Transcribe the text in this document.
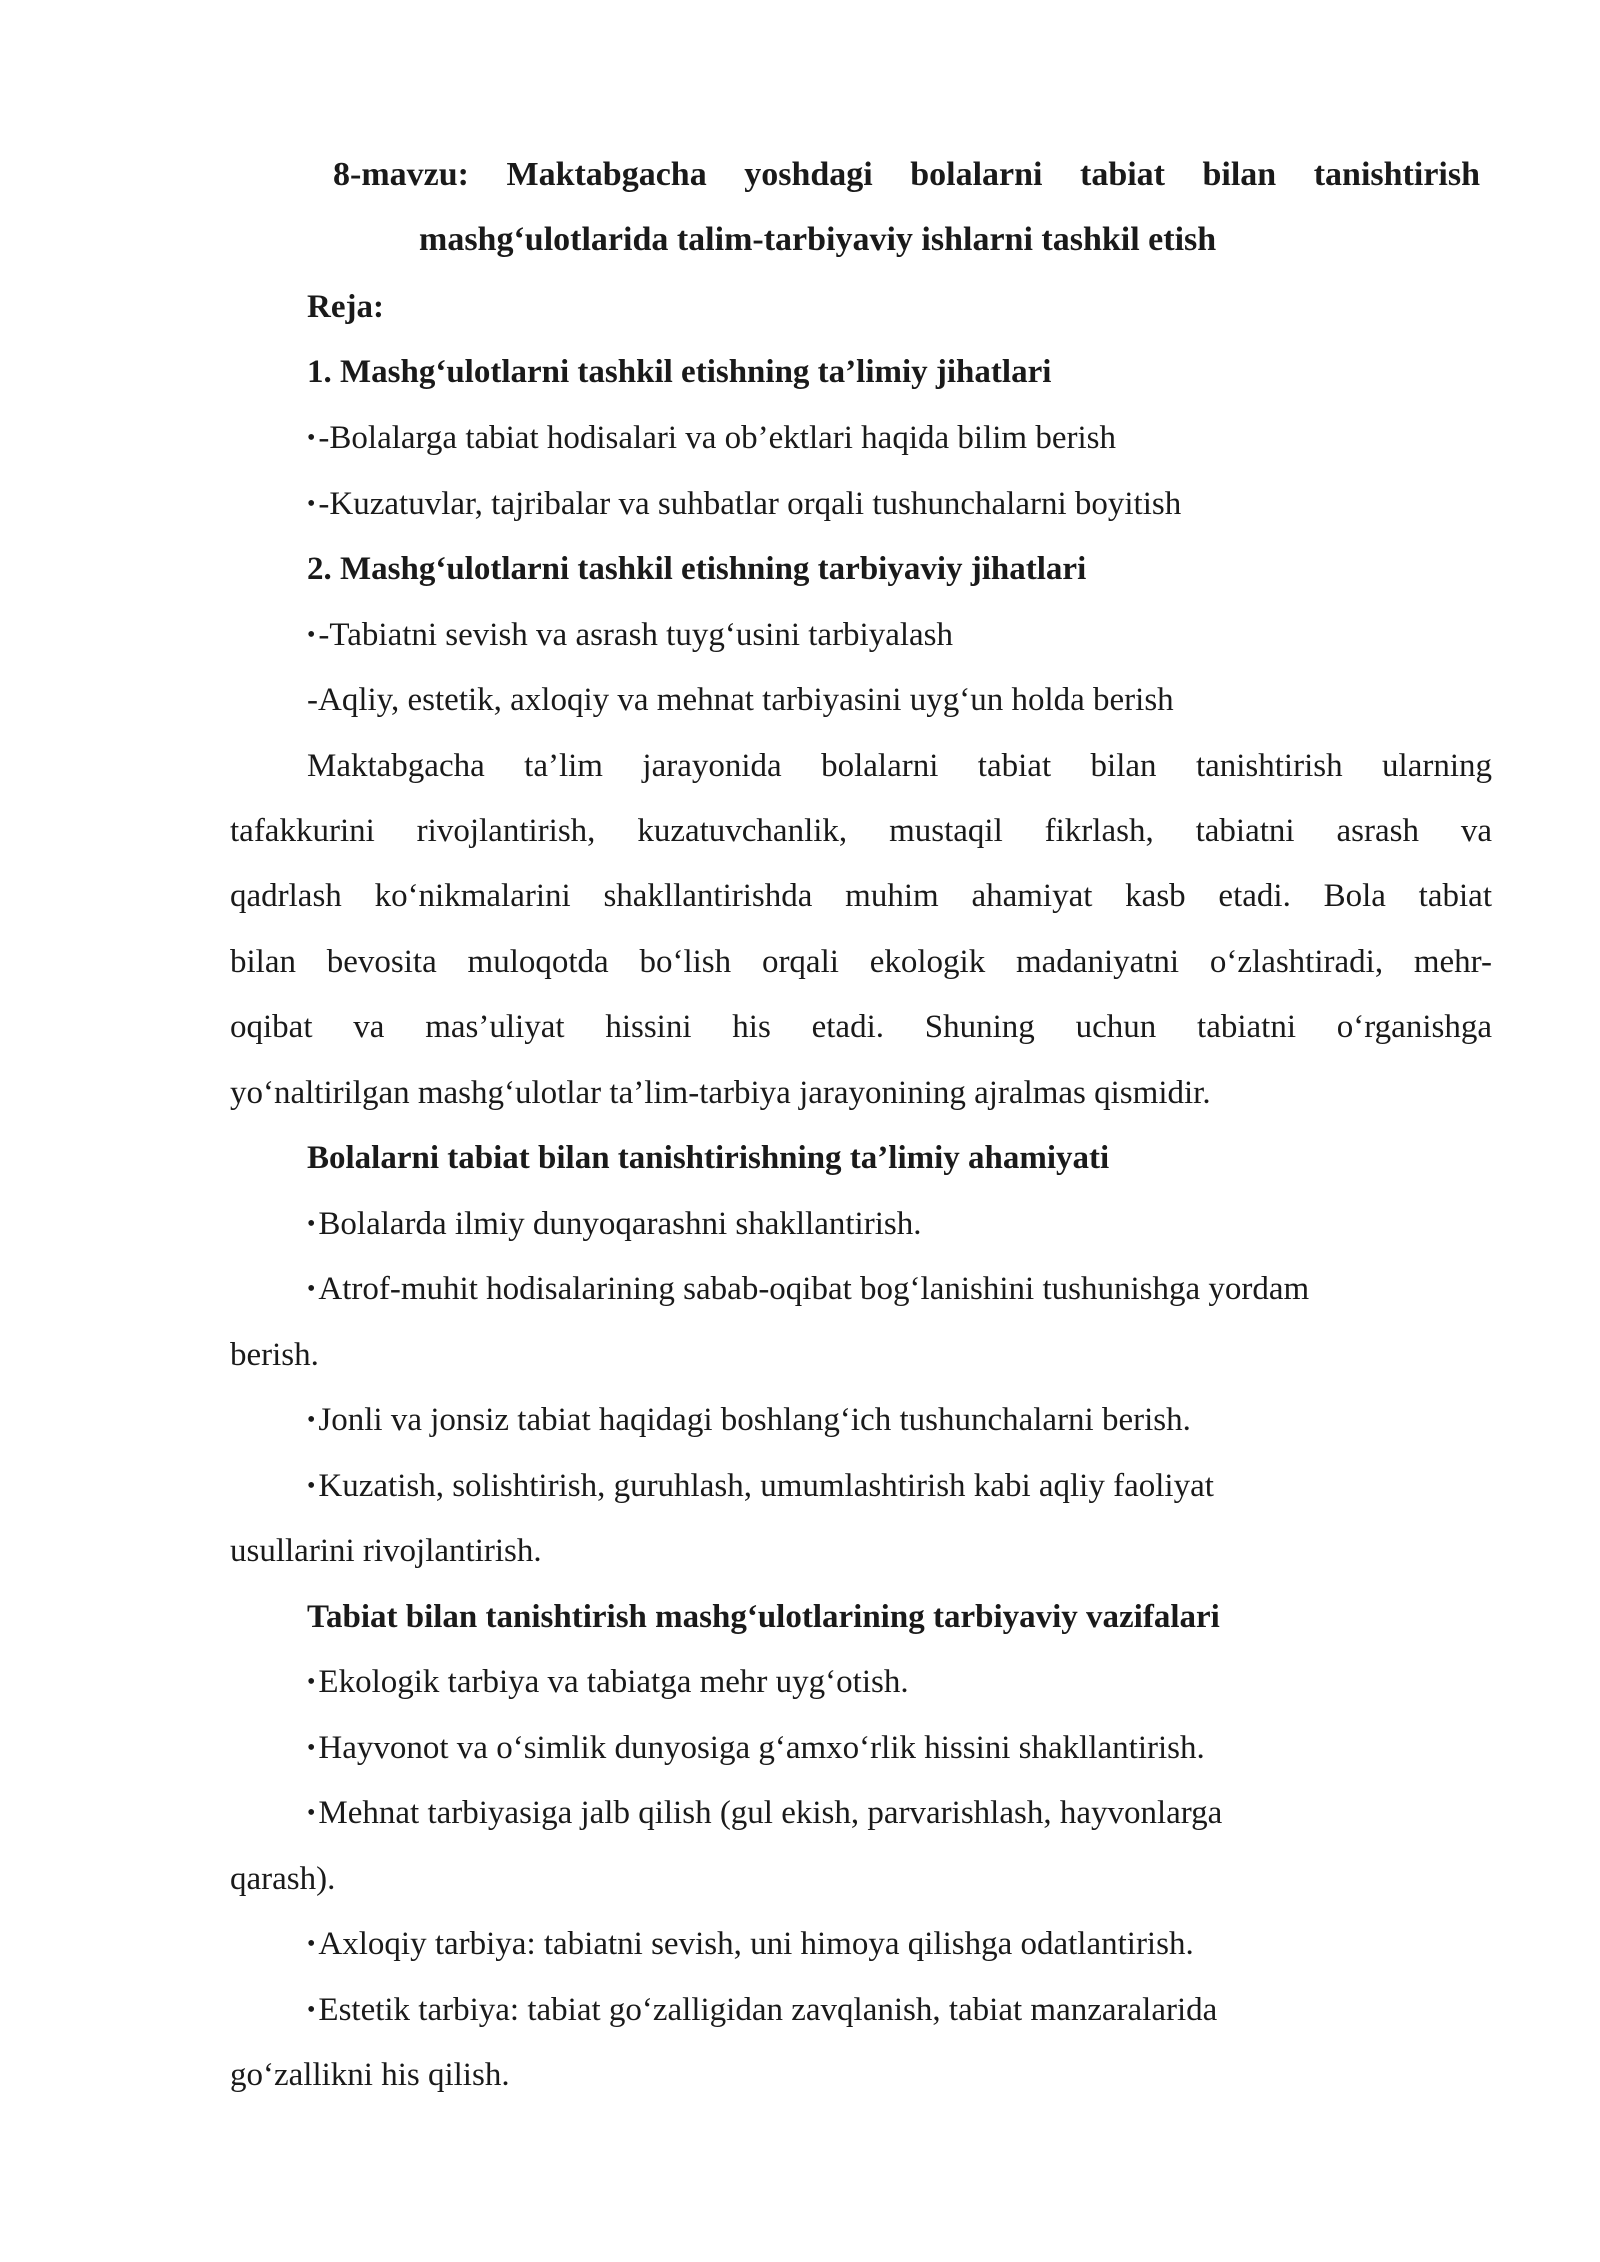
8-mavzu: Maktabgacha yoshdagi bolalarni tabiat bilan tanishtirish
mashg‘ulotlarida talim-tarbiyaviy ishlarni tashkil etish
Reja:
1. Mashg‘ulotlarni tashkil etishning ta’limiy jihatlari
• -Bolalarga tabiat hodisalari va ob’ektlari haqida bilim berish
• -Kuzatuvlar, tajribalar va suhbatlar orqali tushunchalarni boyitish
2. Mashg‘ulotlarni tashkil etishning tarbiyaviy jihatlari
• -Tabiatni sevish va asrash tuyg‘usini tarbiyalash
-Aqliy, estetik, axloqiy va mehnat tarbiyasini uyg‘un holda berish
Maktabgacha ta’lim jarayonida bolalarni tabiat bilan tanishtirish ularning
tafakkurini rivojlantirish, kuzatuvchanlik, mustaqil fikrlash, tabiatni asrash va
qadrlash ko‘nikmalarini shakllantirishda muhim ahamiyat kasb etadi. Bola tabiat
bilan bevosita muloqotda bo‘lish orqali ekologik madaniyatni o‘zlashtiradi, mehr-
oqibat va mas’uliyat hissini his etadi. Shuning uchun tabiatni o‘rganishga
yo‘naltirilgan mashg‘ulotlar ta’lim-tarbiya jarayonining ajralmas qismidir.
Bolalarni tabiat bilan tanishtirishning ta’limiy ahamiyati
• Bolalarda ilmiy dunyoqarashni shakllantirish.
• Atrof-muhit hodisalarining sabab-oqibat bog‘lanishini tushunishga yordam
berish.
• Jonli va jonsiz tabiat haqidagi boshlang‘ich tushunchalarni berish.
• Kuzatish, solishtirish, guruhlash, umumlashtirish kabi aqliy faoliyat
usullarini rivojlantirish.
Tabiat bilan tanishtirish mashg‘ulotlarining tarbiyaviy vazifalari
• Ekologik tarbiya va tabiatga mehr uyg‘otish.
• Hayvonot va o‘simlik dunyosiga g‘amxo‘rlik hissini shakllantirish.
• Mehnat tarbiyasiga jalb qilish (gul ekish, parvarishlash, hayvonlarga
qarash).
• Axloqiy tarbiya: tabiatni sevish, uni himoya qilishga odatlantirish.
• Estetik tarbiya: tabiat go‘zalligidan zavqlanish, tabiat manzaralarida
go‘zallikni his qilish.
